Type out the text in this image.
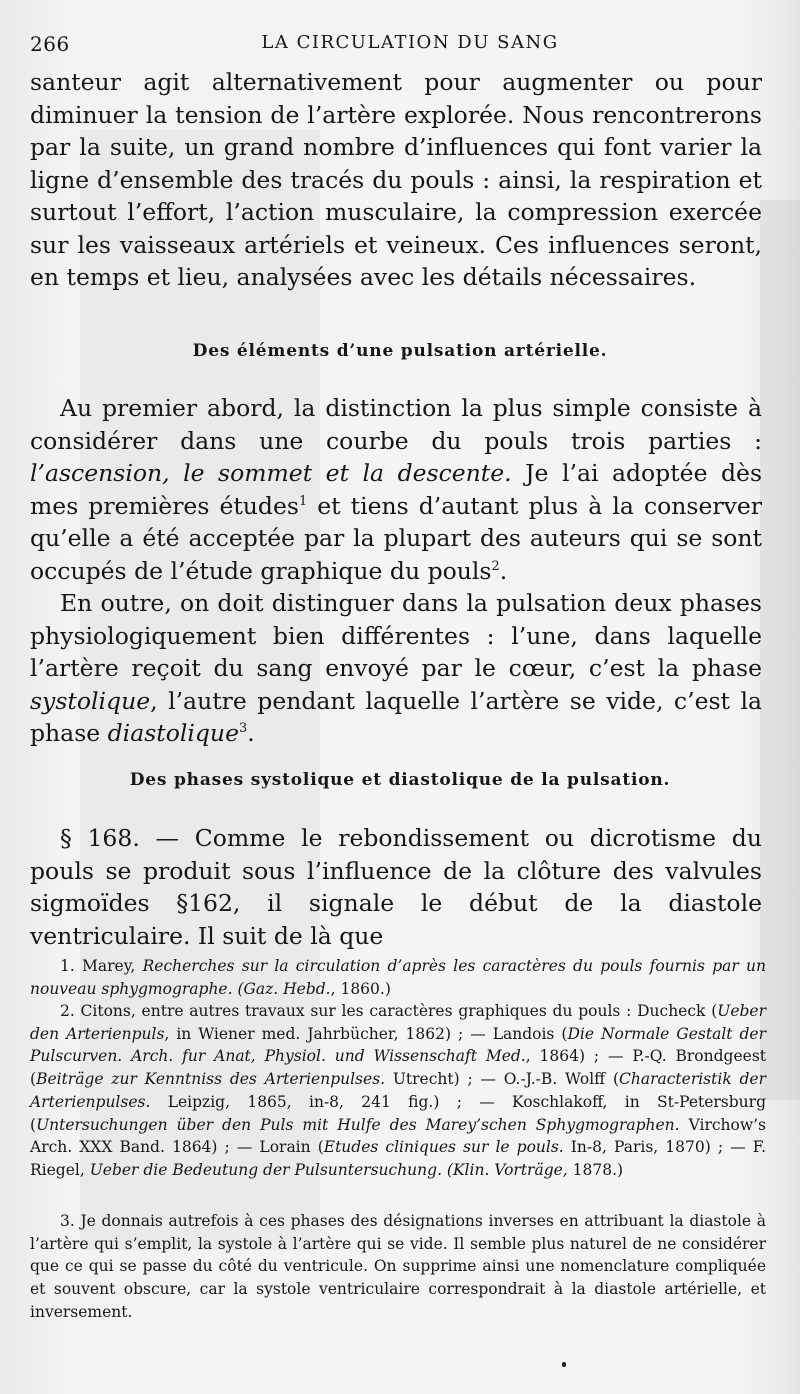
LA CIRCULATION DU SANG
266

santeur agit alternativement pour augmenter ou pour diminuer la tension de l’artère explorée. Nous rencontrerons par la suite, un grand nombre d’influences qui font varier la ligne d’ensemble des tracés du pouls : ainsi, la respiration et surtout l’effort, l’action musculaire, la compression exercée sur les vaisseaux artériels et veineux. Ces influences seront, en temps et lieu, analysées avec les détails nécessaires.

Des éléments d’une pulsation artérielle.

Au premier abord, la distinction la plus simple consiste à considérer dans une courbe du pouls trois parties : l’ascension, le sommet et la descente. Je l’ai adoptée dès mes premières études$^1$ et tiens d’autant plus à la conserver qu’elle a été acceptée par la plupart des auteurs qui se sont occupés de l’étude graphique du pouls$^2$.

En outre, on doit distinguer dans la pulsation deux phases physiologiquement bien différentes : l’une, dans laquelle l’artère reçoit du sang envoyé par le cœur, c’est la phase systolique, l’autre pendant laquelle l’artère se vide, c’est la phase diastolique$^3$.

Des phases systolique et diastolique de la pulsation.

§ 168. — Comme le rebondissement ou dicrotisme du pouls se produit sous l’influence de la clôture des valvules sigmoïdes §162, il signale le début de la diastole ventriculaire. Il suit de là que

1. Marey, Recherches sur la circulation d’après les caractères du pouls fournis par un nouveau sphygmographe. (Gaz. Hebd., 1860.)

2. Citons, entre autres travaux sur les caractères graphiques du pouls : Ducheck (Ueber den Arterienpuls, in Wiener med. Jahrbücher, 1862) ; — Landois (Die Normale Gestalt der Pulscurven. Arch. fur Anat, Physiol. und Wissenschaft Med., 1864) ; — P.-Q. Brondgeest (Beiträge zur Kenntniss des Arterienpulses. Utrecht) ; — O.-J.-B. Wolff (Characteristik der Arterienpulses. Leipzig, 1865, in-8, 241 fig.) ; — Koschlakoff, in St-Petersburg (Untersuchungen über den Puls mit Hulfe des Marey’schen Sphygmographen. Virchow’s Arch. XXX Band. 1864) ; — Lorain (Etudes cliniques sur le pouls. In-8, Paris, 1870) ; — F. Riegel, Ueber die Bedeutung der Pulsuntersuchung. (Klin. Vorträge, 1878.)

3. Je donnais autrefois à ces phases des désignations inverses en attribuant la diastole à l’artère qui s’emplit, la systole à l’artère qui se vide. Il semble plus naturel de ne considérer que ce qui se passe du côté du ventricule. On supprime ainsi une nomenclature compliquée et souvent obscure, car la systole ventriculaire correspondrait à la diastole artérielle, et inversement.
